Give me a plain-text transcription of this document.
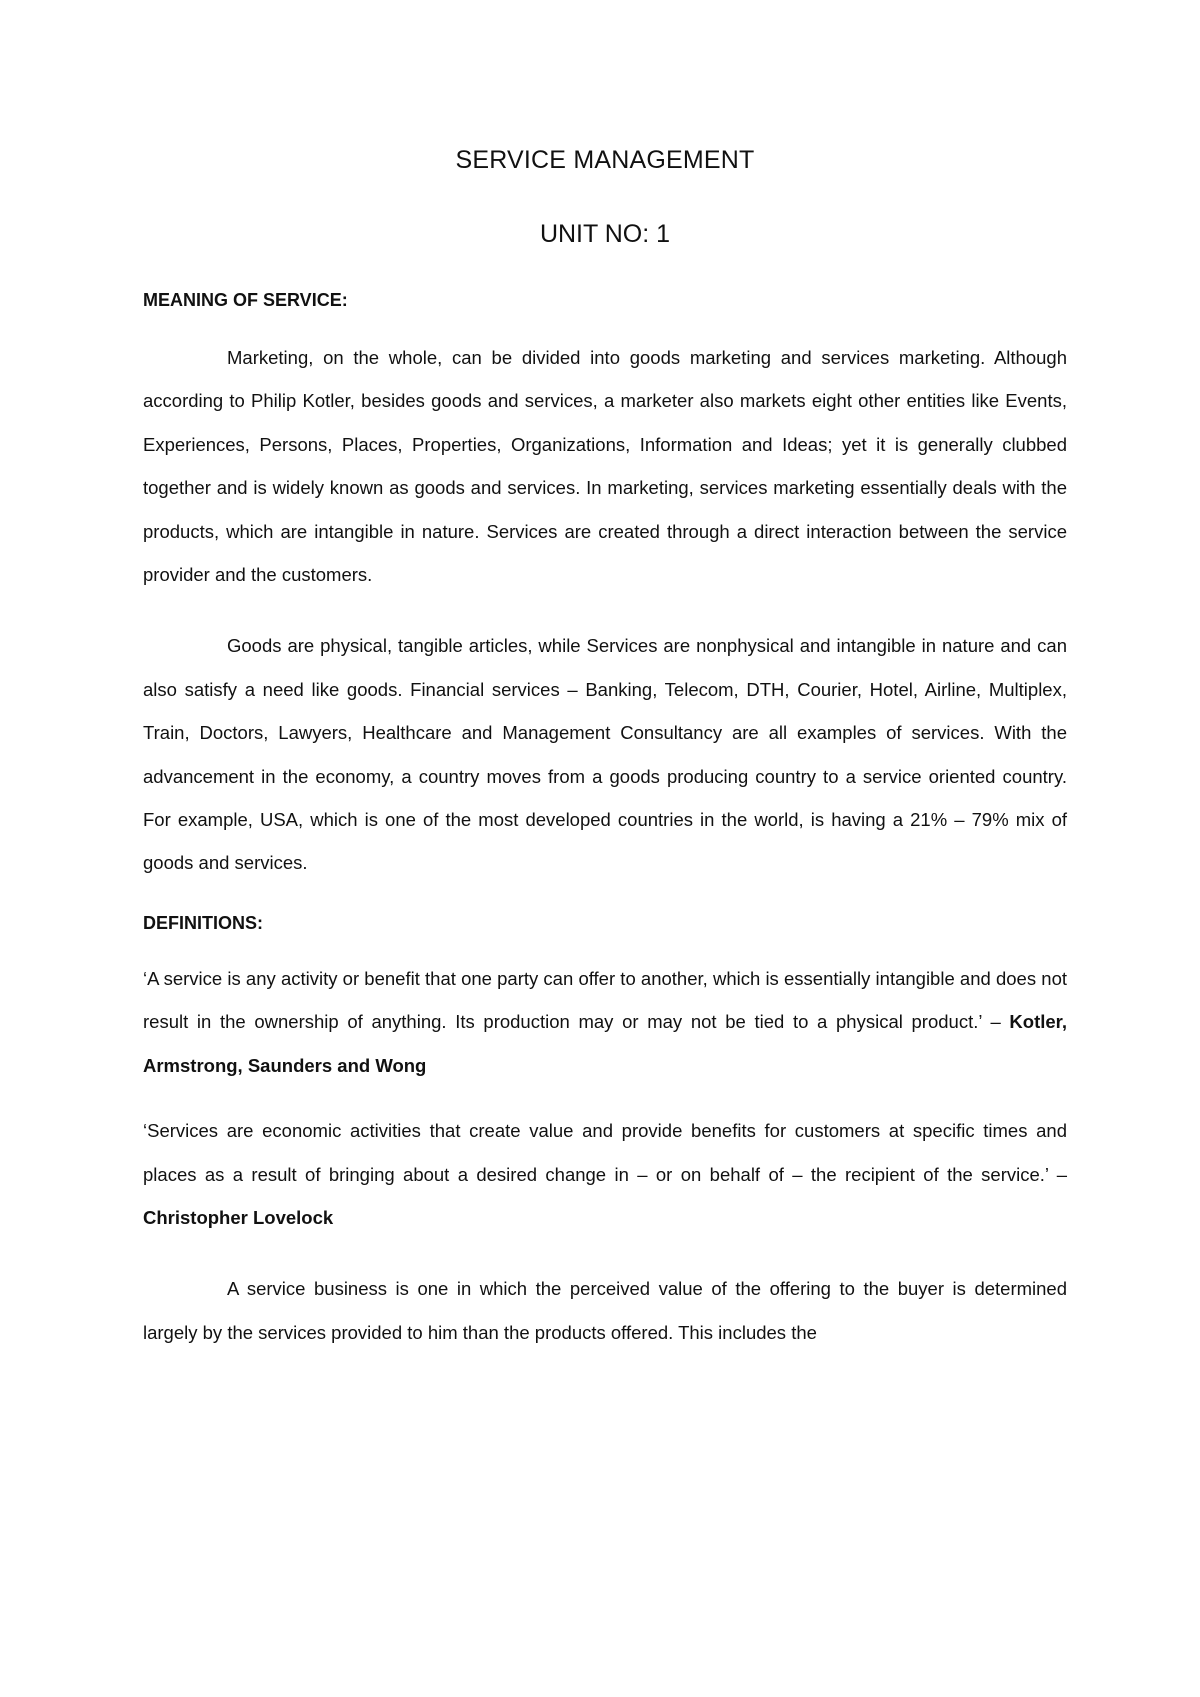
SERVICE MANAGEMENT
UNIT NO: 1
MEANING OF SERVICE:

Marketing, on the whole, can be divided into goods marketing and services marketing. Although according to Philip Kotler, besides goods and services, a marketer also markets eight other entities like Events, Experiences, Persons, Places, Properties, Organizations, Information and Ideas; yet it is generally clubbed together and is widely known as goods and services. In marketing, services marketing essentially deals with the products, which are intangible in nature. Services are created through a direct interaction between the service provider and the customers.

Goods are physical, tangible articles, while Services are nonphysical and intangible in nature and can also satisfy a need like goods. Financial services – Banking, Telecom, DTH, Courier, Hotel, Airline, Multiplex, Train, Doctors, Lawyers, Healthcare and Management Consultancy are all examples of services. With the advancement in the economy, a country moves from a goods producing country to a service oriented country. For example, USA, which is one of the most developed countries in the world, is having a 21% – 79% mix of goods and services.

DEFINITIONS:

‘A service is any activity or benefit that one party can offer to another, which is essentially intangible and does not result in the ownership of anything. Its production may or may not be tied to a physical product.’ – Kotler, Armstrong, Saunders and Wong

‘Services are economic activities that create value and provide benefits for customers at specific times and places as a result of bringing about a desired change in – or on behalf of – the recipient of the service.’ – Christopher Lovelock

A service business is one in which the perceived value of the offering to the buyer is determined largely by the services provided to him than the products offered. This includes the
